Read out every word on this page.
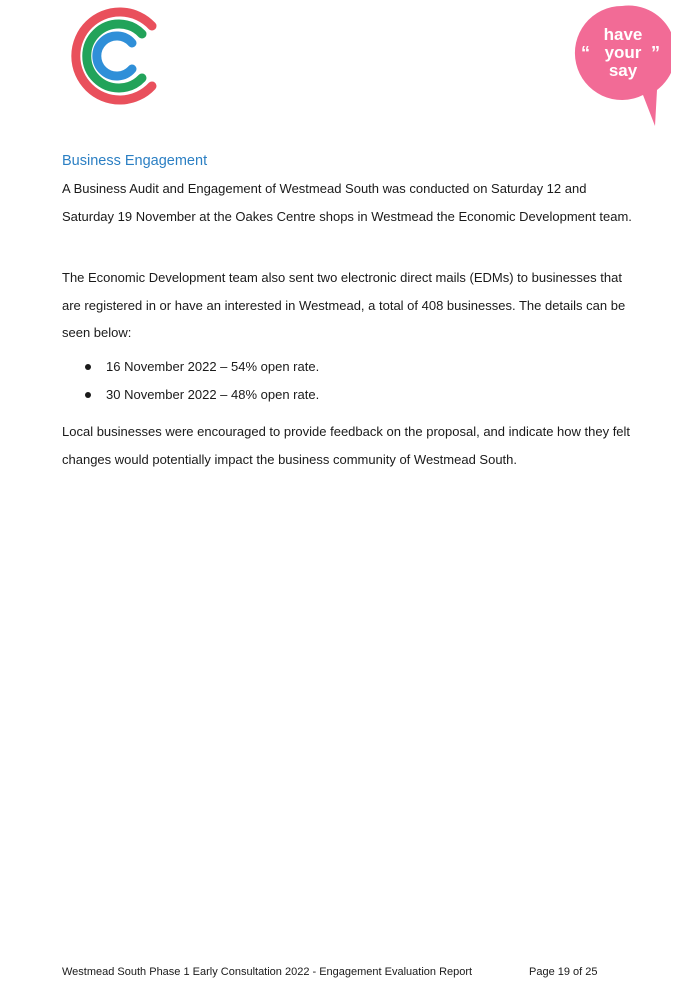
“	”
have
your
say
Business Engagement

A Business Audit and Engagement of Westmead South was conducted on Saturday 12 and Saturday 19 November at the Oakes Centre shops in Westmead the Economic Development team.

The Economic Development team also sent two electronic direct mails (EDMs) to businesses that are registered in or have an interested in Westmead, a total of 408 businesses. The details can be seen below:

16 November 2022 – 54% open rate.
30 November 2022 – 48% open rate.

Local businesses were encouraged to provide feedback on the proposal, and indicate how they felt changes would potentially impact the business community of Westmead South.

Westmead South Phase 1 Early Consultation 2022 - Engagement Evaluation Report	Page 19 of 25
